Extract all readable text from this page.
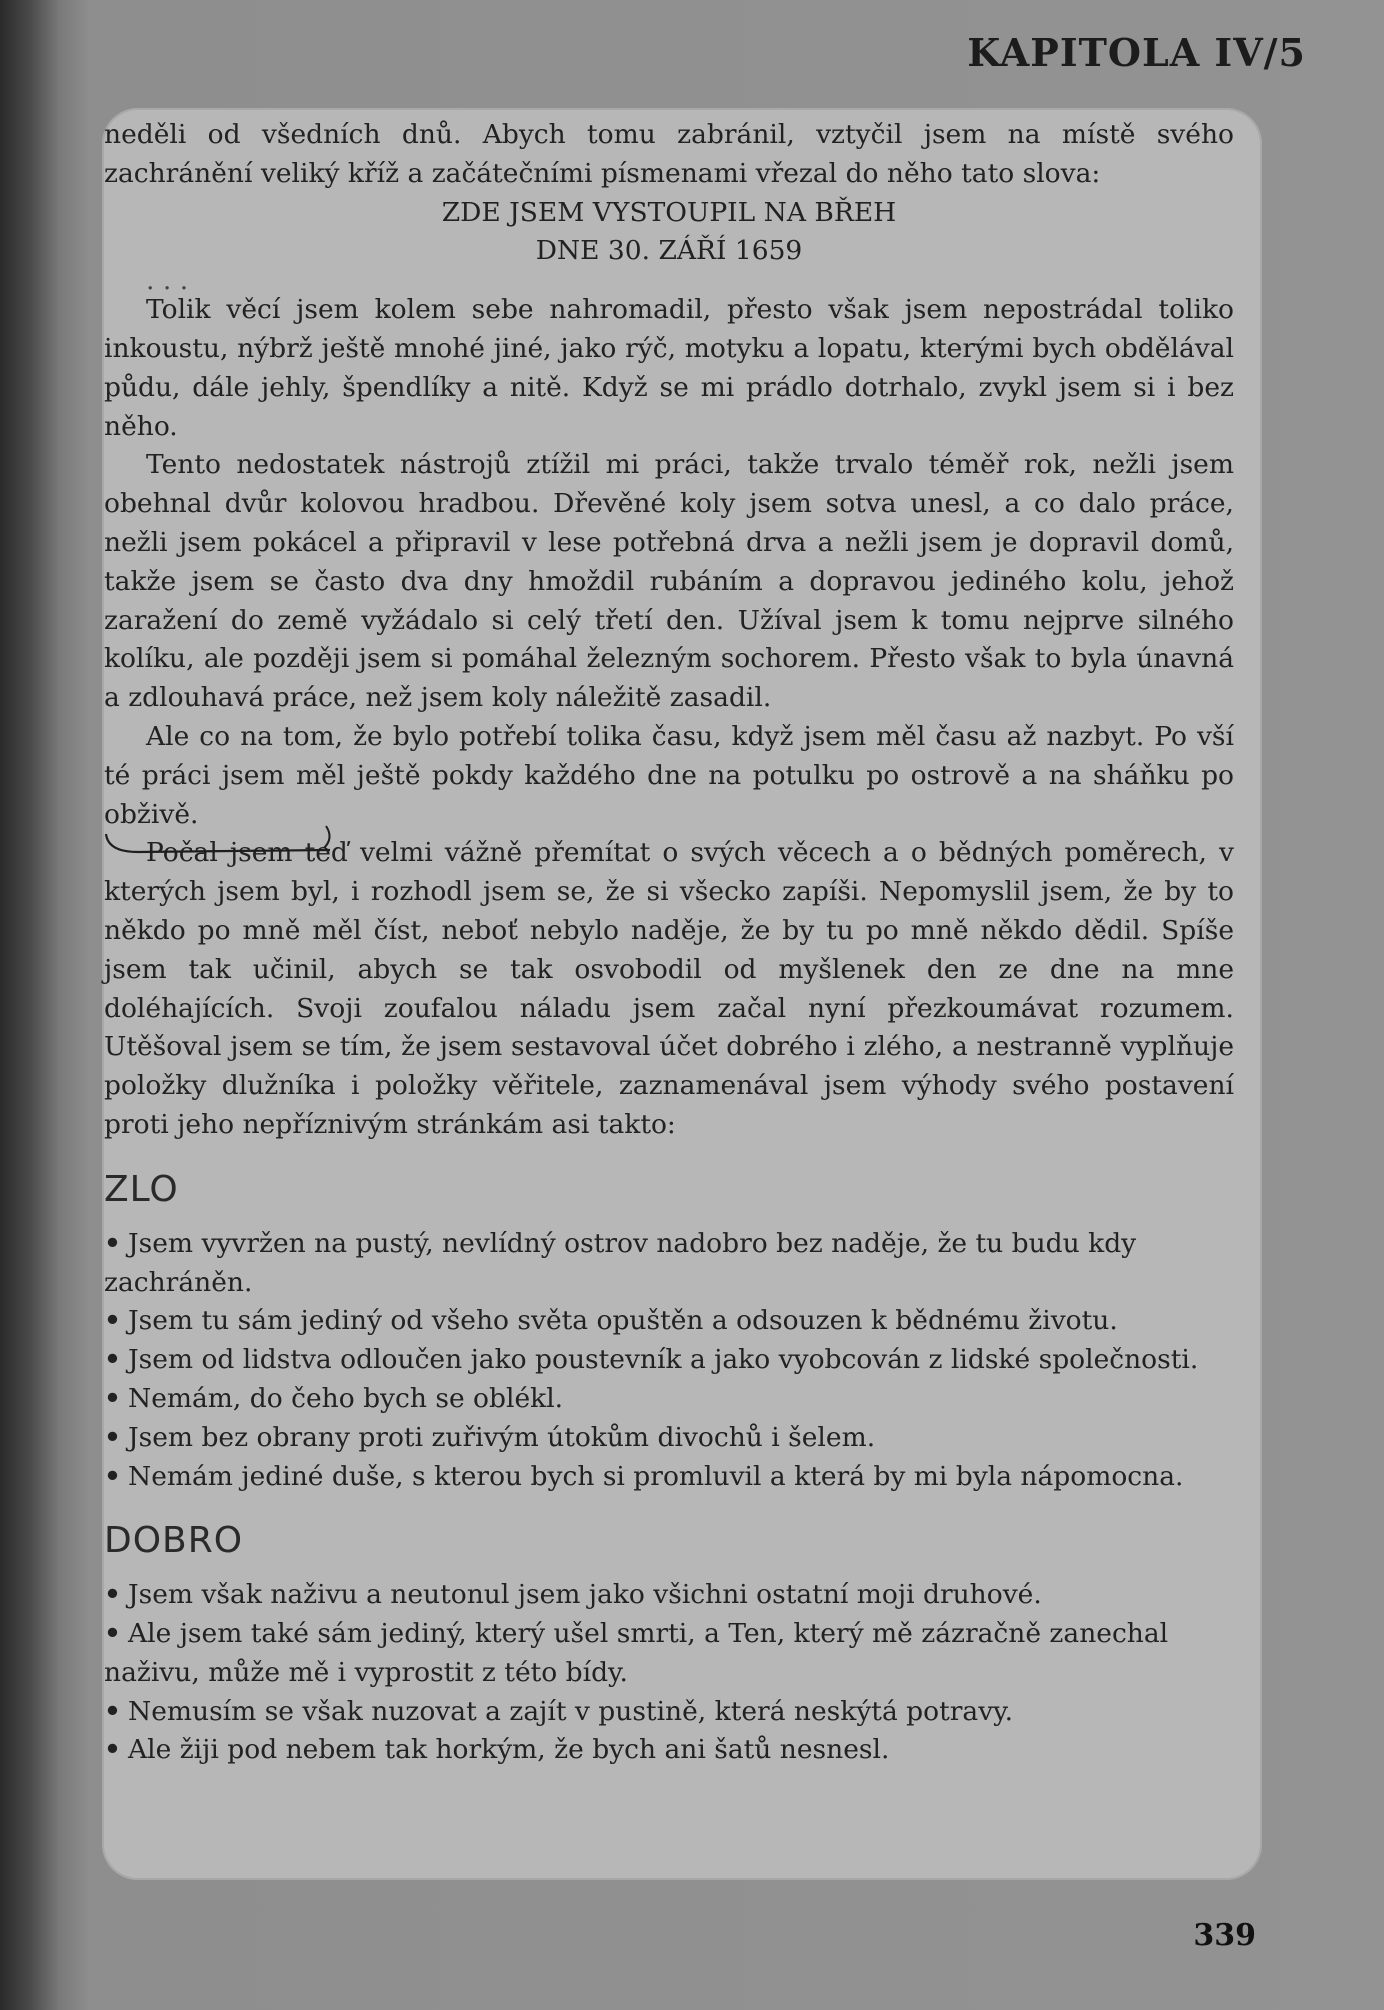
KAPITOLA IV/5

neděli od všedních dnů. Abych tomu zabránil, vztyčil jsem na místě svého zachránění veliký kříž a začátečními písmenami vřezal do něho tato slova:

ZDE JSEM VYSTOUPIL NA BŘEH

DNE 30. ZÁŘÍ 1659

. . .

Tolik věcí jsem kolem sebe nahromadil, přesto však jsem nepostrádal toliko inkoustu, nýbrž ještě mnohé jiné, jako rýč, motyku a lopatu, kterými bych obdělával půdu, dále jehly, špendlíky a nitě. Když se mi prádlo dotrhalo, zvykl jsem si i bez něho.

Tento nedostatek nástrojů ztížil mi práci, takže trvalo téměř rok, nežli jsem obehnal dvůr kolovou hradbou. Dřevěné koly jsem sotva unesl, a co dalo práce, nežli jsem pokácel a připravil v lese potřebná drva a nežli jsem je dopravil domů, takže jsem se často dva dny hmoždil rubáním a dopravou jediného kolu, jehož zaražení do země vyžádalo si celý třetí den. Užíval jsem k tomu nejprve silného kolíku, ale později jsem si pomáhal železným sochorem. Přesto však to byla únavná a zdlouhavá práce, než jsem koly náležitě zasadil.

Ale co na tom, že bylo potřebí tolika času, když jsem měl času až nazbyt. Po vší té práci jsem měl ještě pokdy každého dne na potulku po ostrově a na sháňku po obživě.

Počal jsem teď velmi vážně přemítat o svých věcech a o bědných poměrech, v kterých jsem byl, i rozhodl jsem se, že si všecko zapíši. Nepomyslil jsem, že by to někdo po mně měl číst, neboť nebylo naděje, že by tu po mně někdo dědil. Spíše jsem tak učinil, abych se tak osvobodil od myšlenek den ze dne na mne doléhajících. Svoji zoufalou náladu jsem začal nyní přezkoumávat rozumem. Utěšoval jsem se tím, že jsem sestavoval účet dobrého i zlého, a nestranně vyplňuje položky dlužníka i položky věřitele, zaznamenával jsem výhody svého postavení proti jeho nepříznivým stránkám asi takto:

ZLO
• Jsem vyvržen na pustý, nevlídný ostrov nadobro bez naděje, že tu budu kdy zachráněn.
• Jsem tu sám jediný od všeho světa opuštěn a odsouzen k bědnému životu.
• Jsem od lidstva odloučen jako poustevník a jako vyobcován z lidské společnosti.
• Nemám, do čeho bych se oblékl.
• Jsem bez obrany proti zuřivým útokům divochů i šelem.
• Nemám jediné duše, s kterou bych si promluvil a která by mi byla nápomocna.
DOBRO
• Jsem však naživu a neutonul jsem jako všichni ostatní moji druhové.
• Ale jsem také sám jediný, který ušel smrti, a Ten, který mě zázračně zanechal naživu, může mě i vyprostit z této bídy.
• Nemusím se však nuzovat a zajít v pustině, která neskýtá potravy.
• Ale žiji pod nebem tak horkým, že bych ani šatů nesnesl.
339
